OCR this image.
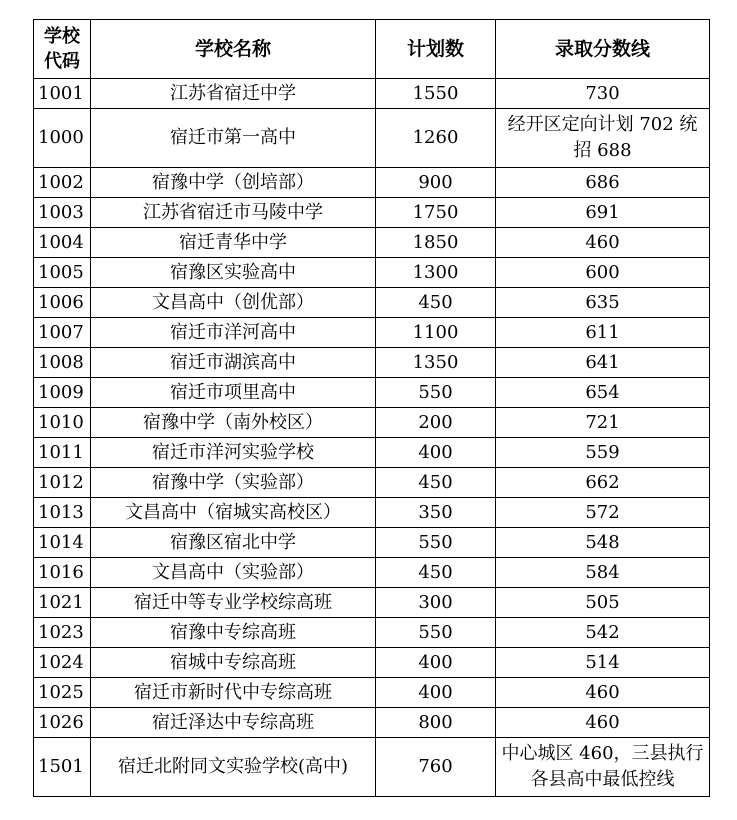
学校代码	学校名称	计划数	录取分数线
1001	江苏省宿迁中学	1550	730
1000	宿迁市第一高中	1260	经开区定向计划 702 统招 688
1002	宿豫中学（创培部）	900	686
1003	江苏省宿迁市马陵中学	1750	691
1004	宿迁青华中学	1850	460
1005	宿豫区实验高中	1300	600
1006	文昌高中（创优部）	450	635
1007	宿迁市洋河高中	1100	611
1008	宿迁市湖滨高中	1350	641
1009	宿迁市项里高中	550	654
1010	宿豫中学（南外校区）	200	721
1011	宿迁市洋河实验学校	400	559
1012	宿豫中学（实验部）	450	662
1013	文昌高中（宿城实高校区）	350	572
1014	宿豫区宿北中学	550	548
1016	文昌高中（实验部）	450	584
1021	宿迁中等专业学校综高班	300	505
1023	宿豫中专综高班	550	542
1024	宿城中专综高班	400	514
1025	宿迁市新时代中专综高班	400	460
1026	宿迁泽达中专综高班	800	460
1501	宿迁北附同文实验学校(高中)	760	中心城区 460，三县执行各县高中最低控线
